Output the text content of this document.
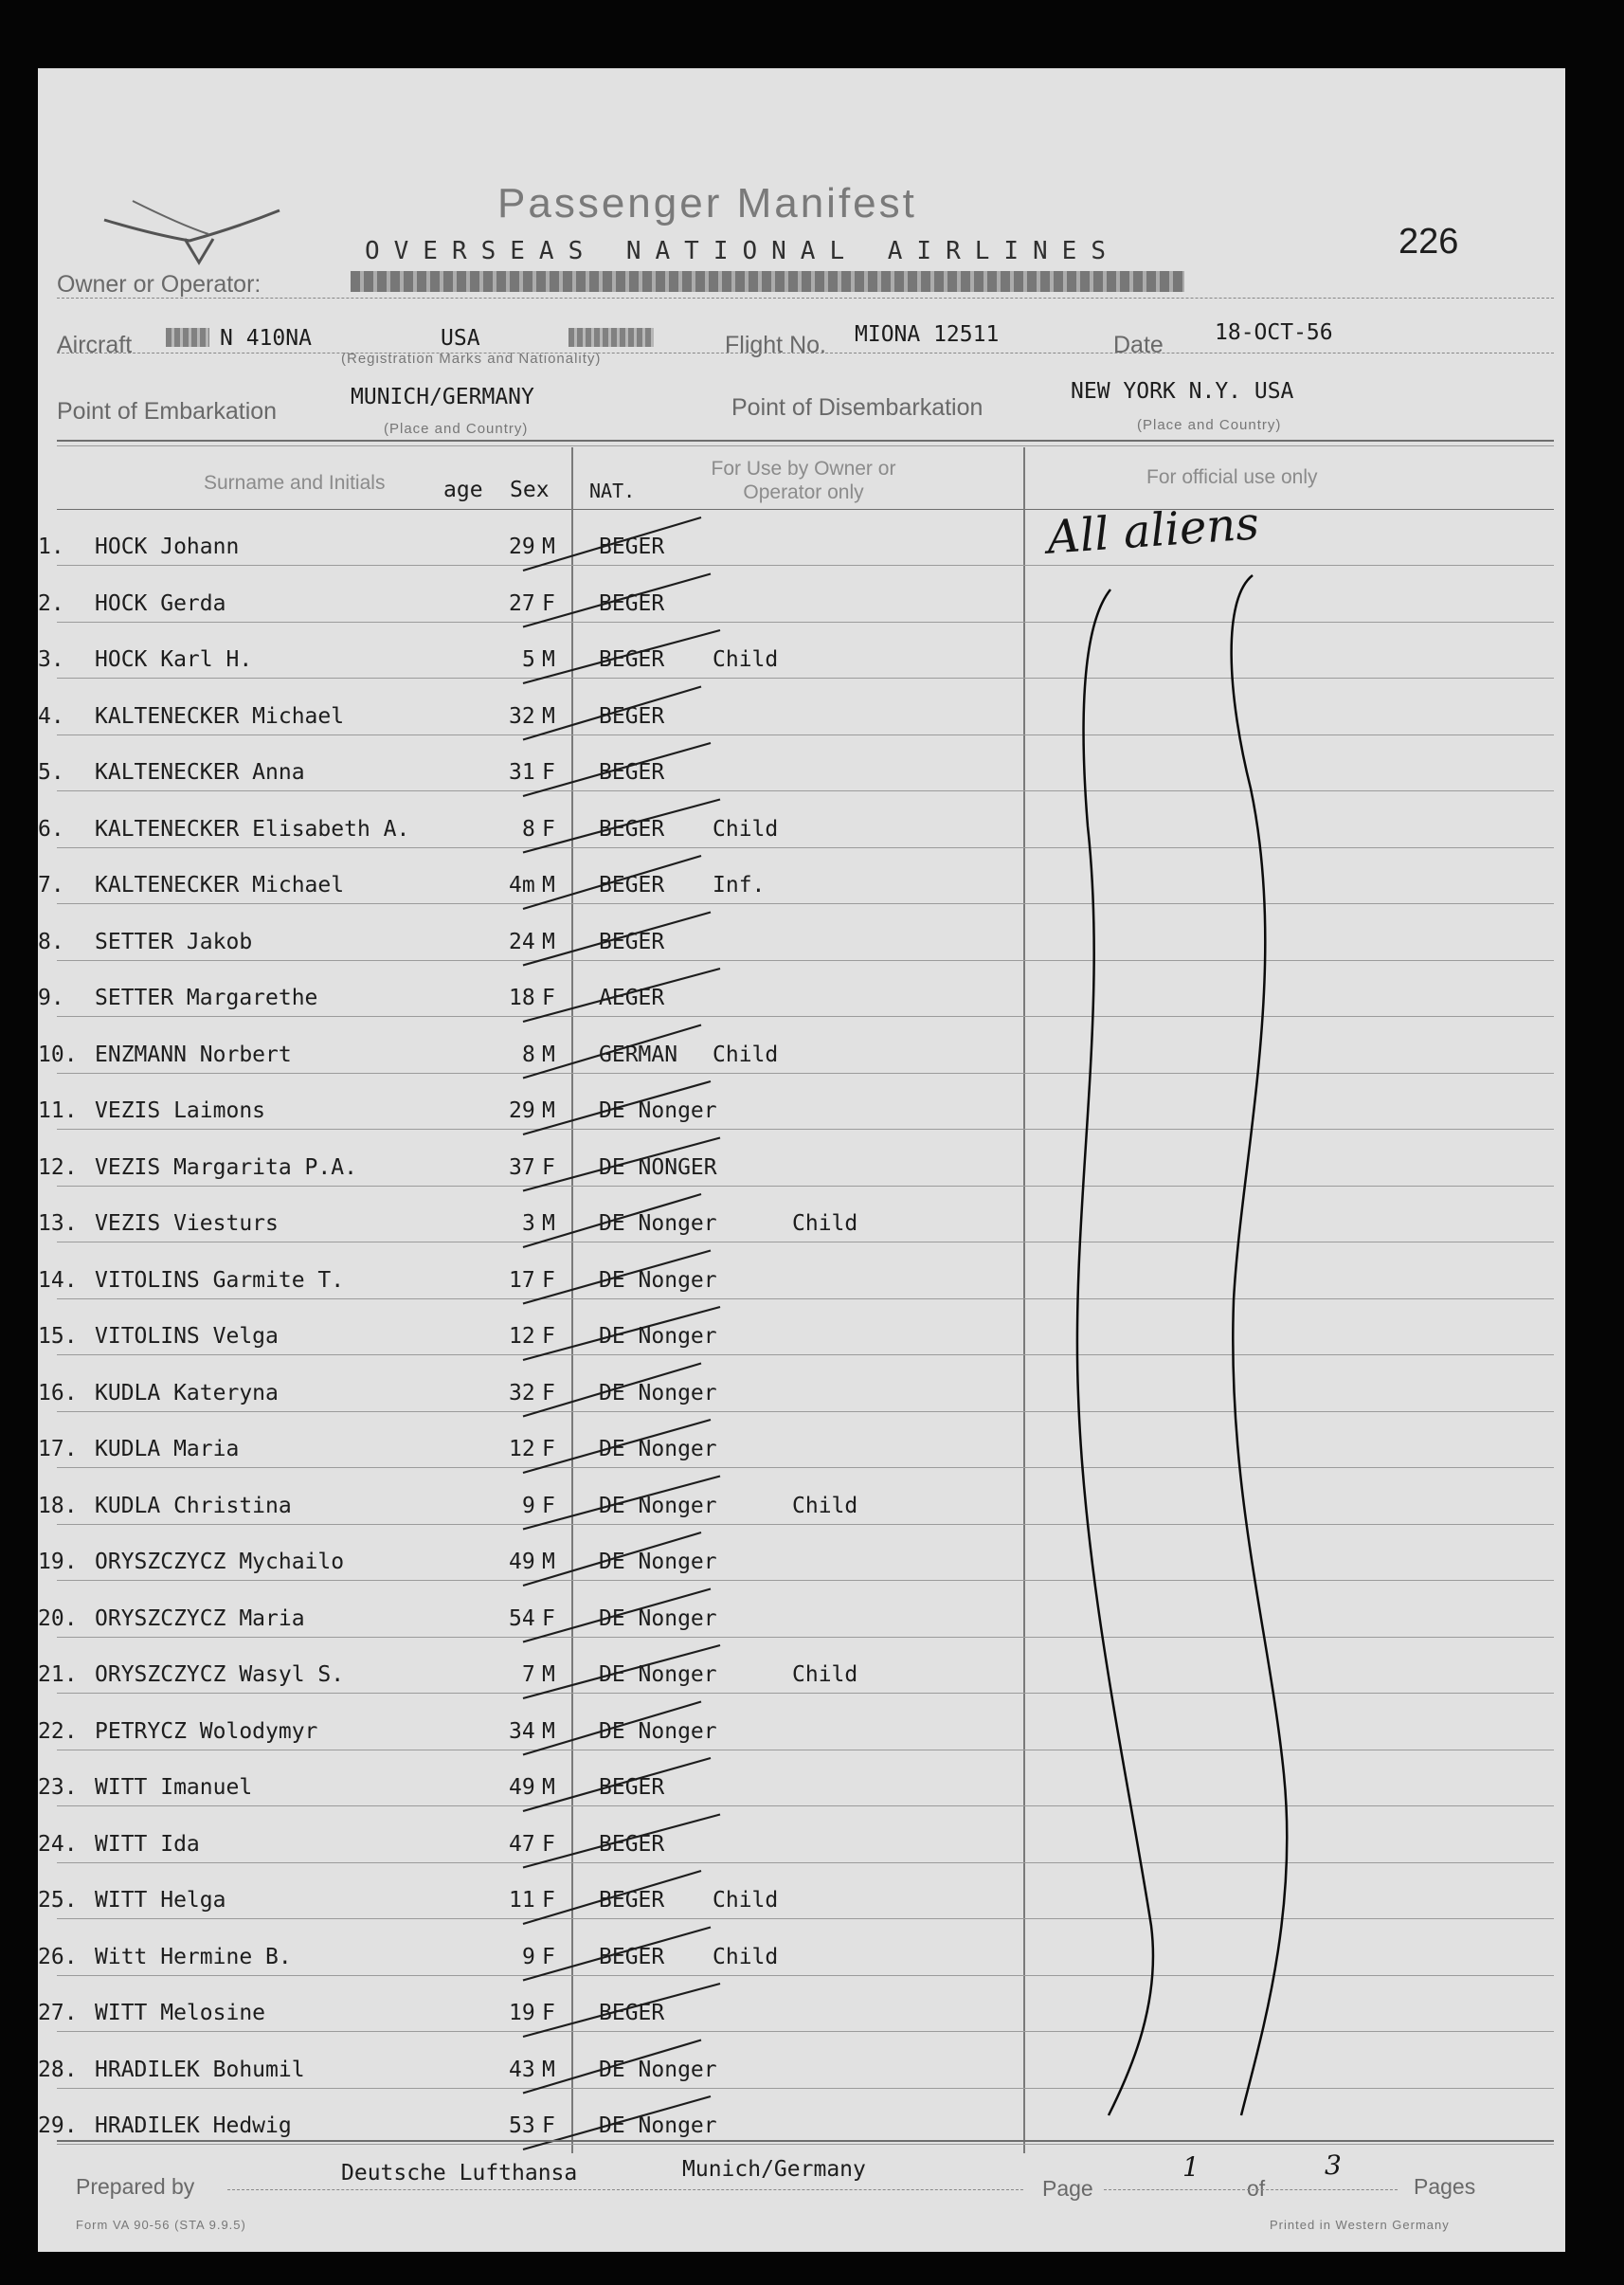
Passenger Manifest
OVERSEAS NATIONAL AIRLINES	226
Owner or Operator:
Aircraft	N 410NA	USA
(Registration Marks and Nationality)
Flight No. MIONA 12511	Date 18-OCT-56
Point of Embarkation
MUNICH/GERMANY
(Place and Country)
Point of Disembarkation
NEW YORK N.Y. USA
(Place and Country)
Surname and Initials	age Sex NAT.
For Use by Owner or Operator only
For official use only
1. HOCK Johann	29 M BEGER
2. HOCK Gerda	27 F BEGER
3. HOCK Karl H.	5 M BEGER Child
4. KALTENECKER Michael	32 M BEGER
5. KALTENECKER Anna	31 F BEGER
6. KALTENECKER Elisabeth A.	8 F BEGER Child
7. KALTENECKER Michael	4m M BEGER Inf.
8. SETTER Jakob	24 M BEGER
9. SETTER Margarethe	18 F AEGER
10. ENZMANN Norbert	8 M GERMAN Child
11. VEZIS Laimons	29 M DE Nonger
12. VEZIS Margarita P.A.	37 F DE NONGER
13. VEZIS Viesturs	3 M DE Nonger	Child
14. VITOLINS Garmite T.	17 F DE Nonger
15. VITOLINS Velga	12 F DE Nonger
16. KUDLA Kateryna	32 F DE Nonger
17. KUDLA Maria	12 F DE Nonger
18. KUDLA Christina	9 F DE Nonger	Child
19. ORYSZCZYCZ Mychailo	49 M DE Nonger
20. ORYSZCZYCZ Maria	54 F DE Nonger
21. ORYSZCZYCZ Wasyl S.	7 M DE Nonger	Child
22. PETRYCZ Wolodymyr	34 M DE Nonger
23. WITT Imanuel	49 M BEGER
24. WITT Ida	47 F BEGER
25. WITT Helga	11 F BEGER Child
26. Witt Hermine B.	9 F BEGER Child
27. WITT Melosine	19 F BEGER
28. HRADILEK Bohumil	43 M DE Nonger
29. HRADILEK Hedwig	53 F DE Nonger
All aliens
Prepared by
Deutsche Lufthansa	Munich/Germany
Page
1
of
3
Pages
Form VA 90-56 (STA 9.9.5)	Printed in Western Germany
